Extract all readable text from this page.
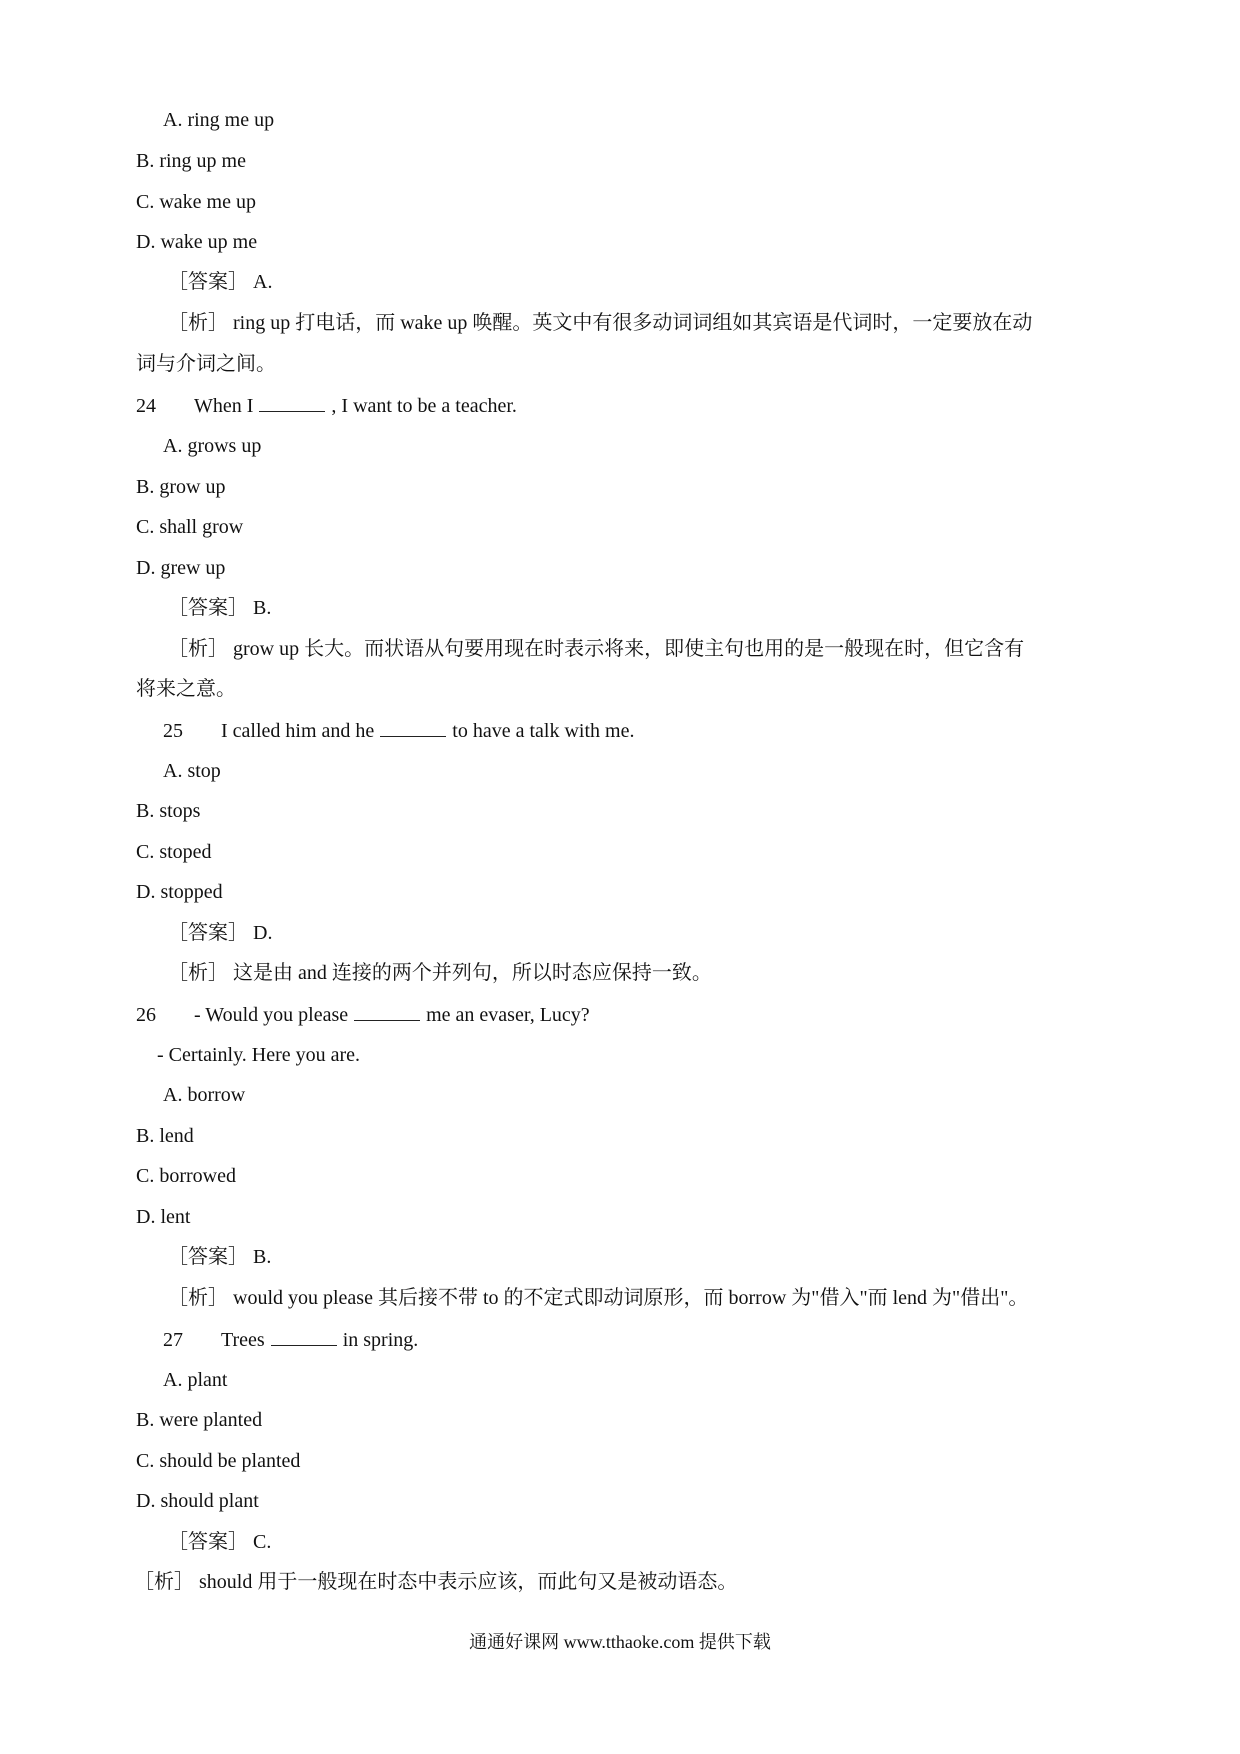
A. ring me up
B. ring up me
C. wake me up
D. wake up me
［答案］ A.
［析］ ring up 打电话，而 wake up 唤醒。英文中有很多动词词组如其宾语是代词时，一定要放在动
词与介词之间。
24 When I	, I want to be a teacher.
A. grows up
B. grow up
C. shall grow
D. grew up
［答案］ B.
［析］ grow up 长大。而状语从句要用现在时表示将来，即使主句也用的是一般现在时，但它含有
将来之意。
25 I called him and he	to have a talk with me.
A. stop
B. stops
C. stoped
D. stopped
［答案］ D.
［析］ 这是由 and 连接的两个并列句，所以时态应保持一致。
26 - Would you please	me an evaser, Lucy?
- Certainly. Here you are.
A. borrow
B. lend
C. borrowed
D. lent
［答案］ B.
［析］ would you please 其后接不带 to 的不定式即动词原形，而 borrow 为"借入"而 lend 为"借出"。
27 Trees	in spring.
A. plant
B. were planted
C. should be planted
D. should plant
［答案］ C.
［析］ should 用于一般现在时态中表示应该，而此句又是被动语态。
通通好课网 www.tthaoke.com 提供下载
